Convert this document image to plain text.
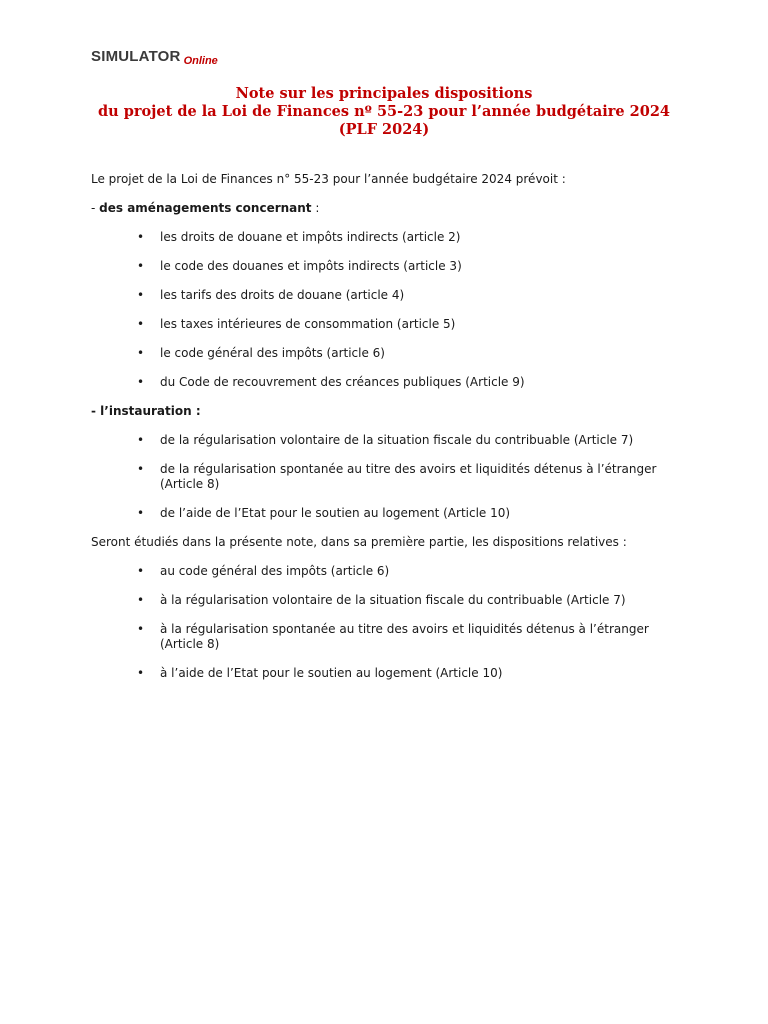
SIMULATOR Online
Note sur les principales dispositions
du projet de la Loi de Finances nº 55-23 pour l’année budgétaire 2024
(PLF 2024)

Le projet de la Loi de Finances n° 55-23 pour l’année budgétaire 2024 prévoit :

- des aménagements concernant :

• les droits de douane et impôts indirects (article 2)
• le code des douanes et impôts indirects (article 3)
• les tarifs des droits de douane (article 4)
• les taxes intérieures de consommation (article 5)
• le code général des impôts (article 6)
• du Code de recouvrement des créances publiques (Article 9)

- l’instauration :

• de la régularisation volontaire de la situation fiscale du contribuable (Article 7)
• de la régularisation spontanée au titre des avoirs et liquidités détenus à l’étranger (Article 8)
• de l’aide de l’Etat pour le soutien au logement (Article 10)

Seront étudiés dans la présente note, dans sa première partie, les dispositions relatives :

• au code général des impôts (article 6)
• à la régularisation volontaire de la situation fiscale du contribuable (Article 7)
• à la régularisation spontanée au titre des avoirs et liquidités détenus à l’étranger (Article 8)
• à l’aide de l’Etat pour le soutien au logement (Article 10)
